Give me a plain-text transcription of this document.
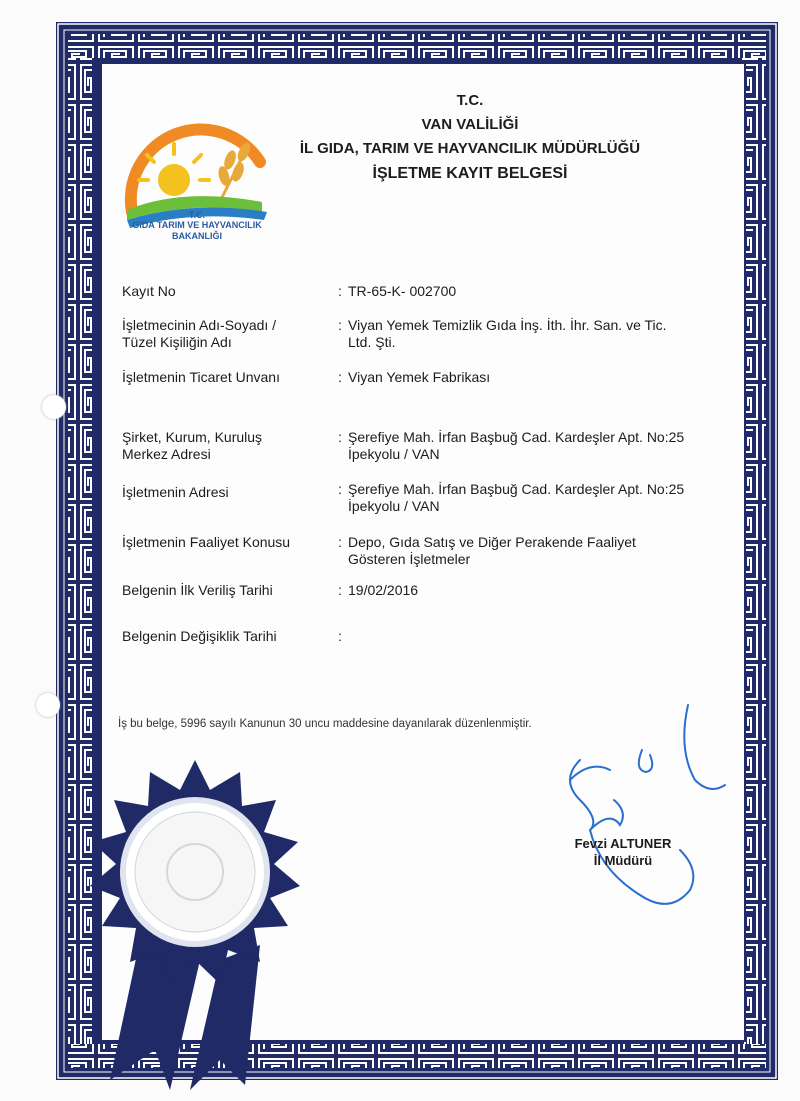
T.C.
GIDA TARIM VE HAYVANCILIK
BAKANLIĞI
T.C.
VAN VALİLİĞİ
İL GIDA, TARIM VE HAYVANCILIK MÜDÜRLÜĞÜ
İŞLETME KAYIT BELGESİ
Kayıt No	: TR-65-K- 002700
İşletmecinin Adı-Soyadı / Tüzel Kişiliğin Adı
: Viyan Yemek Temizlik Gıda İnş. İth. İhr. San. ve Tic. Ltd. Şti.
İşletmenin Ticaret Unvanı	: Viyan Yemek Fabrikası
Şirket, Kurum, Kuruluş Merkez Adresi
: Şerefiye Mah. İrfan Başbuğ Cad. Kardeşler Apt. No:25 İpekyolu / VAN
İşletmenin Adresi	: Şerefiye Mah. İrfan Başbuğ Cad. Kardeşler Apt. No:25 İpekyolu / VAN
İşletmenin Faaliyet Konusu	: Depo, Gıda Satış ve Diğer Perakende Faaliyet Gösteren İşletmeler
Belgenin İlk Veriliş Tarihi	: 19/02/2016
Belgenin Değişiklik Tarihi	:
İş bu belge, 5996 sayılı Kanunun 30 uncu maddesine dayanılarak düzenlenmiştir.
Fevzi ALTUNER
İl Müdürü
